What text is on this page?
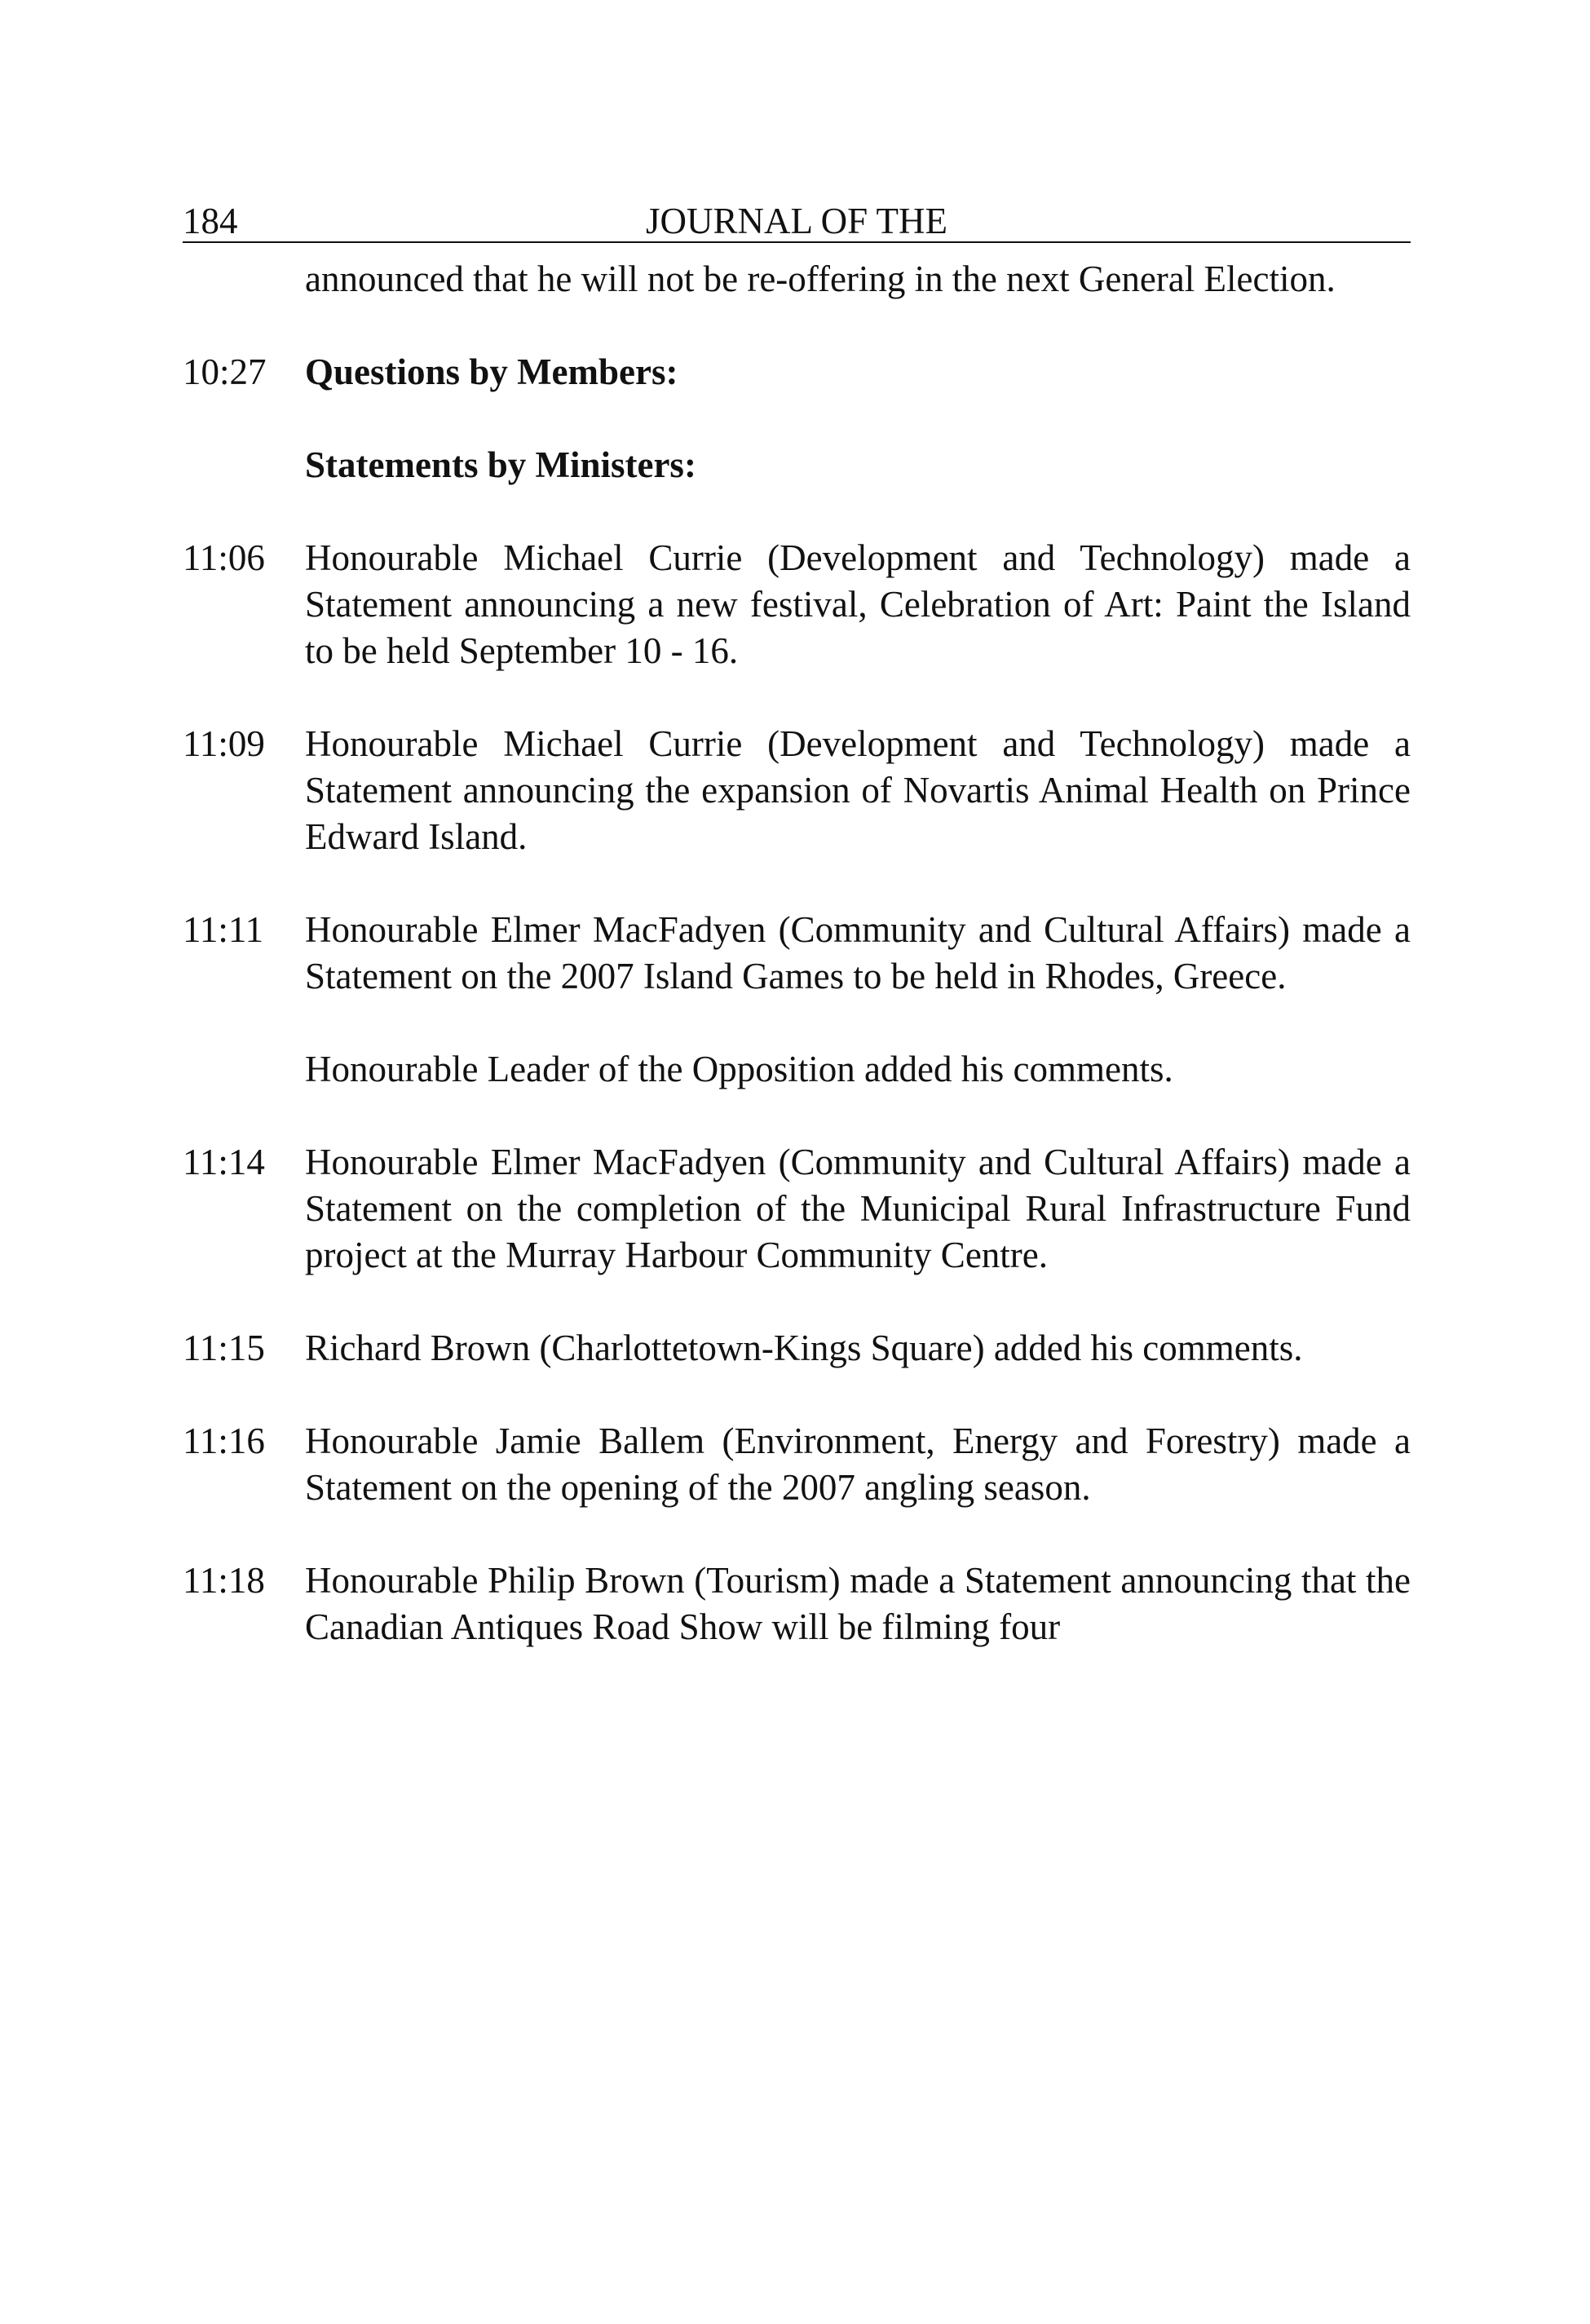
184	JOURNAL OF THE

announced that he will not be re-offering in the next General Election.

10:27	Questions by Members:

Statements by Ministers:

11:06	Honourable Michael Currie (Development and Technology) made a Statement announcing a new festival, Celebration of Art: Paint the Island to be held September 10 - 16.

11:09	Honourable Michael Currie (Development and Technology) made a Statement announcing the expansion of Novartis Animal Health on Prince Edward Island.

11:11	Honourable Elmer MacFadyen (Community and Cultural Affairs) made a Statement on the 2007 Island Games to be held in Rhodes, Greece.

Honourable Leader of the Opposition added his comments.

11:14	Honourable Elmer MacFadyen (Community and Cultural Affairs) made a Statement on the completion of the Municipal Rural Infrastructure Fund project at the Murray Harbour Community Centre.

11:15	Richard Brown (Charlottetown-Kings Square) added his comments.

11:16	Honourable Jamie Ballem (Environment, Energy and Forestry) made a Statement on the opening of the 2007 angling season.

11:18	Honourable Philip Brown (Tourism) made a Statement announcing that the Canadian Antiques Road Show will be filming four
